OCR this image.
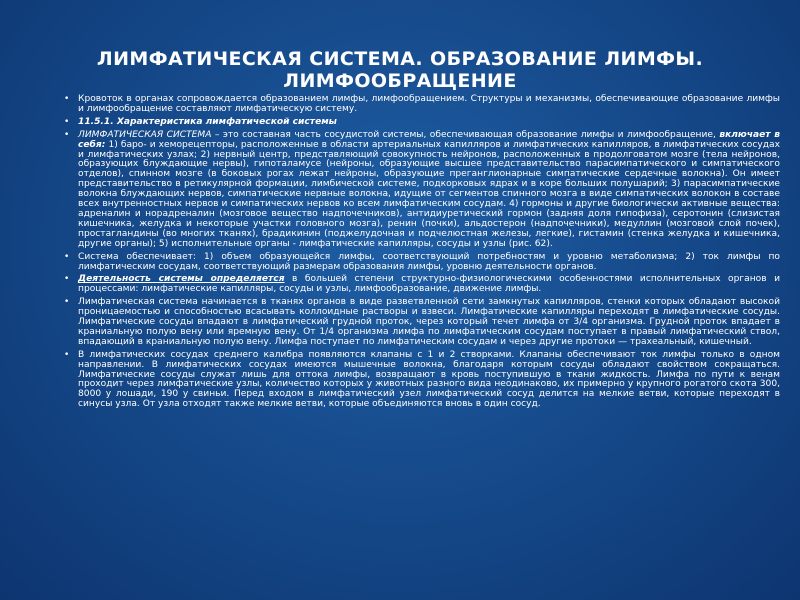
ЛИМФАТИЧЕСКАЯ СИСТЕМА. ОБРАЗОВАНИЕ ЛИМФЫ.
ЛИМФООБРАЩЕНИЕ
• Кровоток в органах сопровождается образованием лимфы, лимфообращением. Структуры и механизмы, обеспечивающие образование лимфы и лимфообращение составляют лимфатическую систему.
• 11.5.1. Характеристика лимфатической системы
• ЛИМФАТИЧЕСКАЯ СИСТЕМА – это составная часть сосудистой системы, обеспечивающая образование лимфы и лимфообращение, включает в себя: 1) баро- и хеморецепторы, расположенные в области артериальных капилляров и лимфатических капилляров, в лимфатических сосудах и лимфатических узлах; 2) нервный центр, представляющий совокупность нейронов, расположенных в продолговатом мозге (тела нейронов, образующих блуждающие нервы), гипоталамусе (нейроны, образующие высшее представительство парасимпатического и симпатического отделов), спинном мозге (в боковых рогах лежат нейроны, образующие преганглионарные симпатические сердечные волокна). Он имеет представительство в ретикулярной формации, лимбической системе, подкорковых ядрах и в коре больших полушарий; 3) парасимпатические волокна блуждающих нервов, симпатические нервные волокна, идущие от сегментов спинного мозга в виде симпатических волокон в составе всех внутренностных нервов и симпатических нервов ко всем лимфатическим сосудам. 4) гормоны и другие биологически активные вещества: адреналин и норадреналин (мозговое вещество надпочечников), антидиуретический гормон (задняя доля гипофиза), серотонин (слизистая кишечника, желудка и некоторые участки головного мозга), ренин (почки), альдостерон (надпочечники), медуллин (мозговой слой почек), простагландины (во многих тканях), брадикинин (поджелудочная и подчелюстная железы, легкие), гистамин (стенка желудка и кишечника, другие органы); 5) исполнительные органы - лимфатические капилляры, сосуды и узлы (рис. 62).
• Система обеспечивает: 1) объем образующейся лимфы, соответствующий потребностям и уровню метаболизма; 2) ток лимфы по лимфатическим сосудам, соответствующий размерам образования лимфы, уровню деятельности органов.
• Деятельность системы определяется в большей степени структурно-физиологическими особенностями исполнительных органов и процессами: лимфатические капилляры, сосуды и узлы, лимфообразование, движение лимфы.
• Лимфатическая система начинается в тканях органов в виде разветвленной сети замкнутых капилляров, стенки которых обладают высокой проницаемостью и способностью всасывать коллоидные растворы и взвеси. Лимфатические капилляры переходят в лимфатические сосуды. Лимфатические сосуды впадают в лимфатический грудной проток, через который течет лимфа от 3/4 организма. Грудной проток впадает в краниальную полую вену или яремную вену. От 1/4 организма лимфа по лимфатическим сосудам поступает в правый лимфатический ствол, впадающий в краниальную полую вену. Лимфа поступает по лимфатическим сосудам и через другие протоки — трахеальный, кишечный.
• В лимфатических сосудах среднего калибра появляются клапаны с 1 и 2 створками. Клапаны обеспечивают ток лимфы только в одном направлении. В лимфатических сосудах имеются мышечные волокна, благодаря которым сосуды обладают свойством сокращаться. Лимфатические сосуды служат лишь для оттока лимфы, возвращают в кровь поступившую в ткани жидкость. Лимфа по пути к венам проходит через лимфатические узлы, количество которых у животных разного вида неодинаково, их примерно у крупного рогатого скота 300, 8000 у лошади, 190 у свиньи. Перед входом в лимфатический узел лимфатический сосуд делится на мелкие ветви, которые переходят в синусы узла. От узла отходят также мелкие ветви, которые объединяются вновь в один сосуд.
